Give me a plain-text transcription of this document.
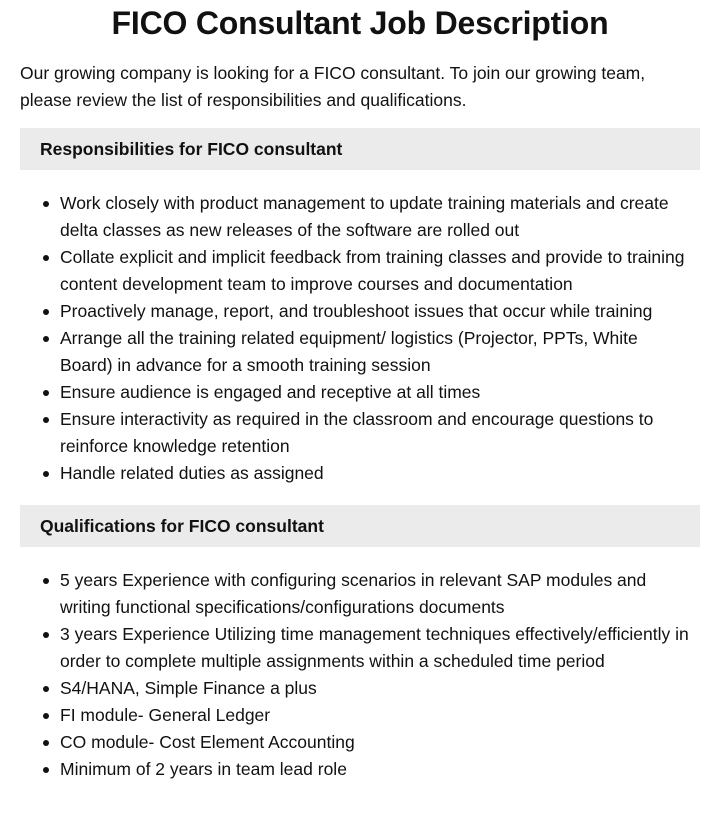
FICO Consultant Job Description

Our growing company is looking for a FICO consultant. To join our growing team, please review the list of responsibilities and qualifications.

Responsibilities for FICO consultant
Work closely with product management to update training materials and create delta classes as new releases of the software are rolled out
Collate explicit and implicit feedback from training classes and provide to training content development team to improve courses and documentation
Proactively manage, report, and troubleshoot issues that occur while training
Arrange all the training related equipment/ logistics (Projector, PPTs, White Board) in advance for a smooth training session
Ensure audience is engaged and receptive at all times
Ensure interactivity as required in the classroom and encourage questions to reinforce knowledge retention
Handle related duties as assigned
Qualifications for FICO consultant
5 years Experience with configuring scenarios in relevant SAP modules and writing functional specifications/configurations documents
3 years Experience Utilizing time management techniques effectively/efficiently in order to complete multiple assignments within a scheduled time period
S4/HANA, Simple Finance a plus
FI module- General Ledger
CO module- Cost Element Accounting
Minimum of 2 years in team lead role
